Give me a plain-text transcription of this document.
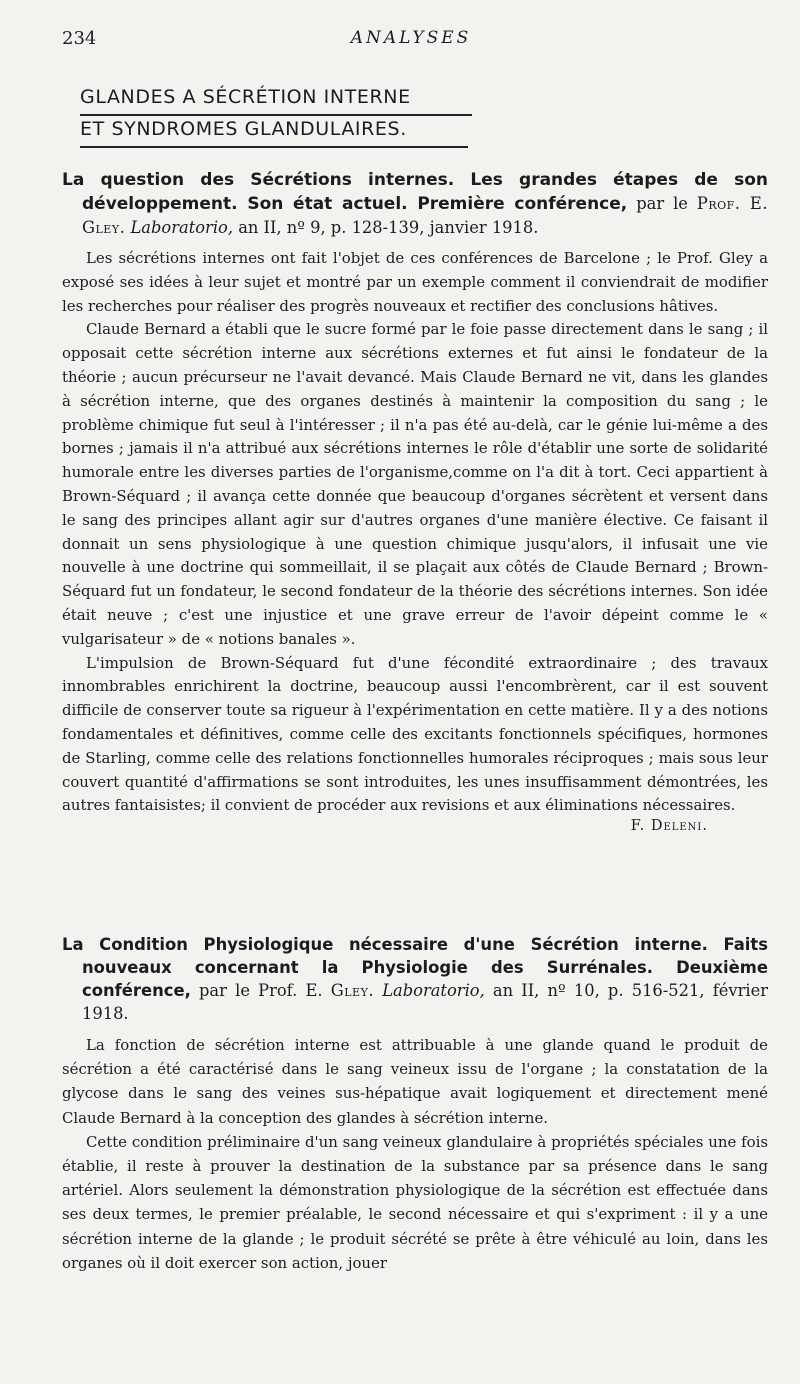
234	ANALYSES
GLANDES A SÉCRÉTION INTERNE
ET SYNDROMES GLANDULAIRES.
La question des Sécrétions internes. Les grandes étapes de son développement. Son état actuel. Première conférence, par le Prof. E. Gley. Laboratorio, an II, nº 9, p. 128-139, janvier 1918.

Les sécrétions internes ont fait l'objet de ces conférences de Barcelone ; le Prof. Gley a exposé ses idées à leur sujet et montré par un exemple comment il conviendrait de modifier les recherches pour réaliser des progrès nouveaux et rectifier des conclusions hâtives.

Claude Bernard a établi que le sucre formé par le foie passe directement dans le sang ; il opposait cette sécrétion interne aux sécrétions externes et fut ainsi le fondateur de la théorie ; aucun précurseur ne l'avait devancé. Mais Claude Bernard ne vit, dans les glandes à sécrétion interne, que des organes destinés à maintenir la composition du sang ; le problème chimique fut seul à l'intéresser ; il n'a pas été au-delà, car le génie lui-même a des bornes ; jamais il n'a attribué aux sécrétions internes le rôle d'établir une sorte de solidarité humorale entre les diverses parties de l'organisme,comme on l'a dit à tort. Ceci appartient à Brown-Séquard ; il avança cette donnée que beaucoup d'organes sécrètent et versent dans le sang des principes allant agir sur d'autres organes d'une manière élective. Ce faisant il donnait un sens physiologique à une question chimique jusqu'alors, il infusait une vie nouvelle à une doctrine qui sommeillait, il se plaçait aux côtés de Claude Bernard ; Brown-Séquard fut un fondateur, le second fondateur de la théorie des sécrétions internes. Son idée était neuve ; c'est une injustice et une grave erreur de l'avoir dépeint comme le « vulgarisateur » de « notions banales ».

L'impulsion de Brown-Séquard fut d'une fécondité extraordinaire ; des travaux innombrables enrichirent la doctrine, beaucoup aussi l'encombrèrent, car il est souvent difficile de conserver toute sa rigueur à l'expérimentation en cette matière. Il y a des notions fondamentales et définitives, comme celle des excitants fonctionnels spécifiques, hormones de Starling, comme celle des relations fonctionnelles humorales réciproques ; mais sous leur couvert quantité d'affirmations se sont introduites, les unes insuffisamment démontrées, les autres fantaisistes; il convient de procéder aux revisions et aux éliminations nécessaires.

F. Deleni.
La Condition Physiologique nécessaire d'une Sécrétion interne. Faits nouveaux concernant la Physiologie des Surrénales. Deuxième conférence, par le Prof. E. Gley. Laboratorio, an II, nº 10, p. 516-521, février 1918.

La fonction de sécrétion interne est attribuable à une glande quand le produit de sécrétion a été caractérisé dans le sang veineux issu de l'organe ; la constatation de la glycose dans le sang des veines sus-hépatique avait logiquement et directement mené Claude Bernard à la conception des glandes à sécrétion interne.

Cette condition préliminaire d'un sang veineux glandulaire à propriétés spéciales une fois établie, il reste à prouver la destination de la substance par sa présence dans le sang artériel. Alors seulement la démonstration physiologique de la sécrétion est effectuée dans ses deux termes, le premier préalable, le second nécessaire et qui s'expriment : il y a une sécrétion interne de la glande ; le produit sécrété se prête à être véhiculé au loin, dans les organes où il doit exercer son action, jouer
